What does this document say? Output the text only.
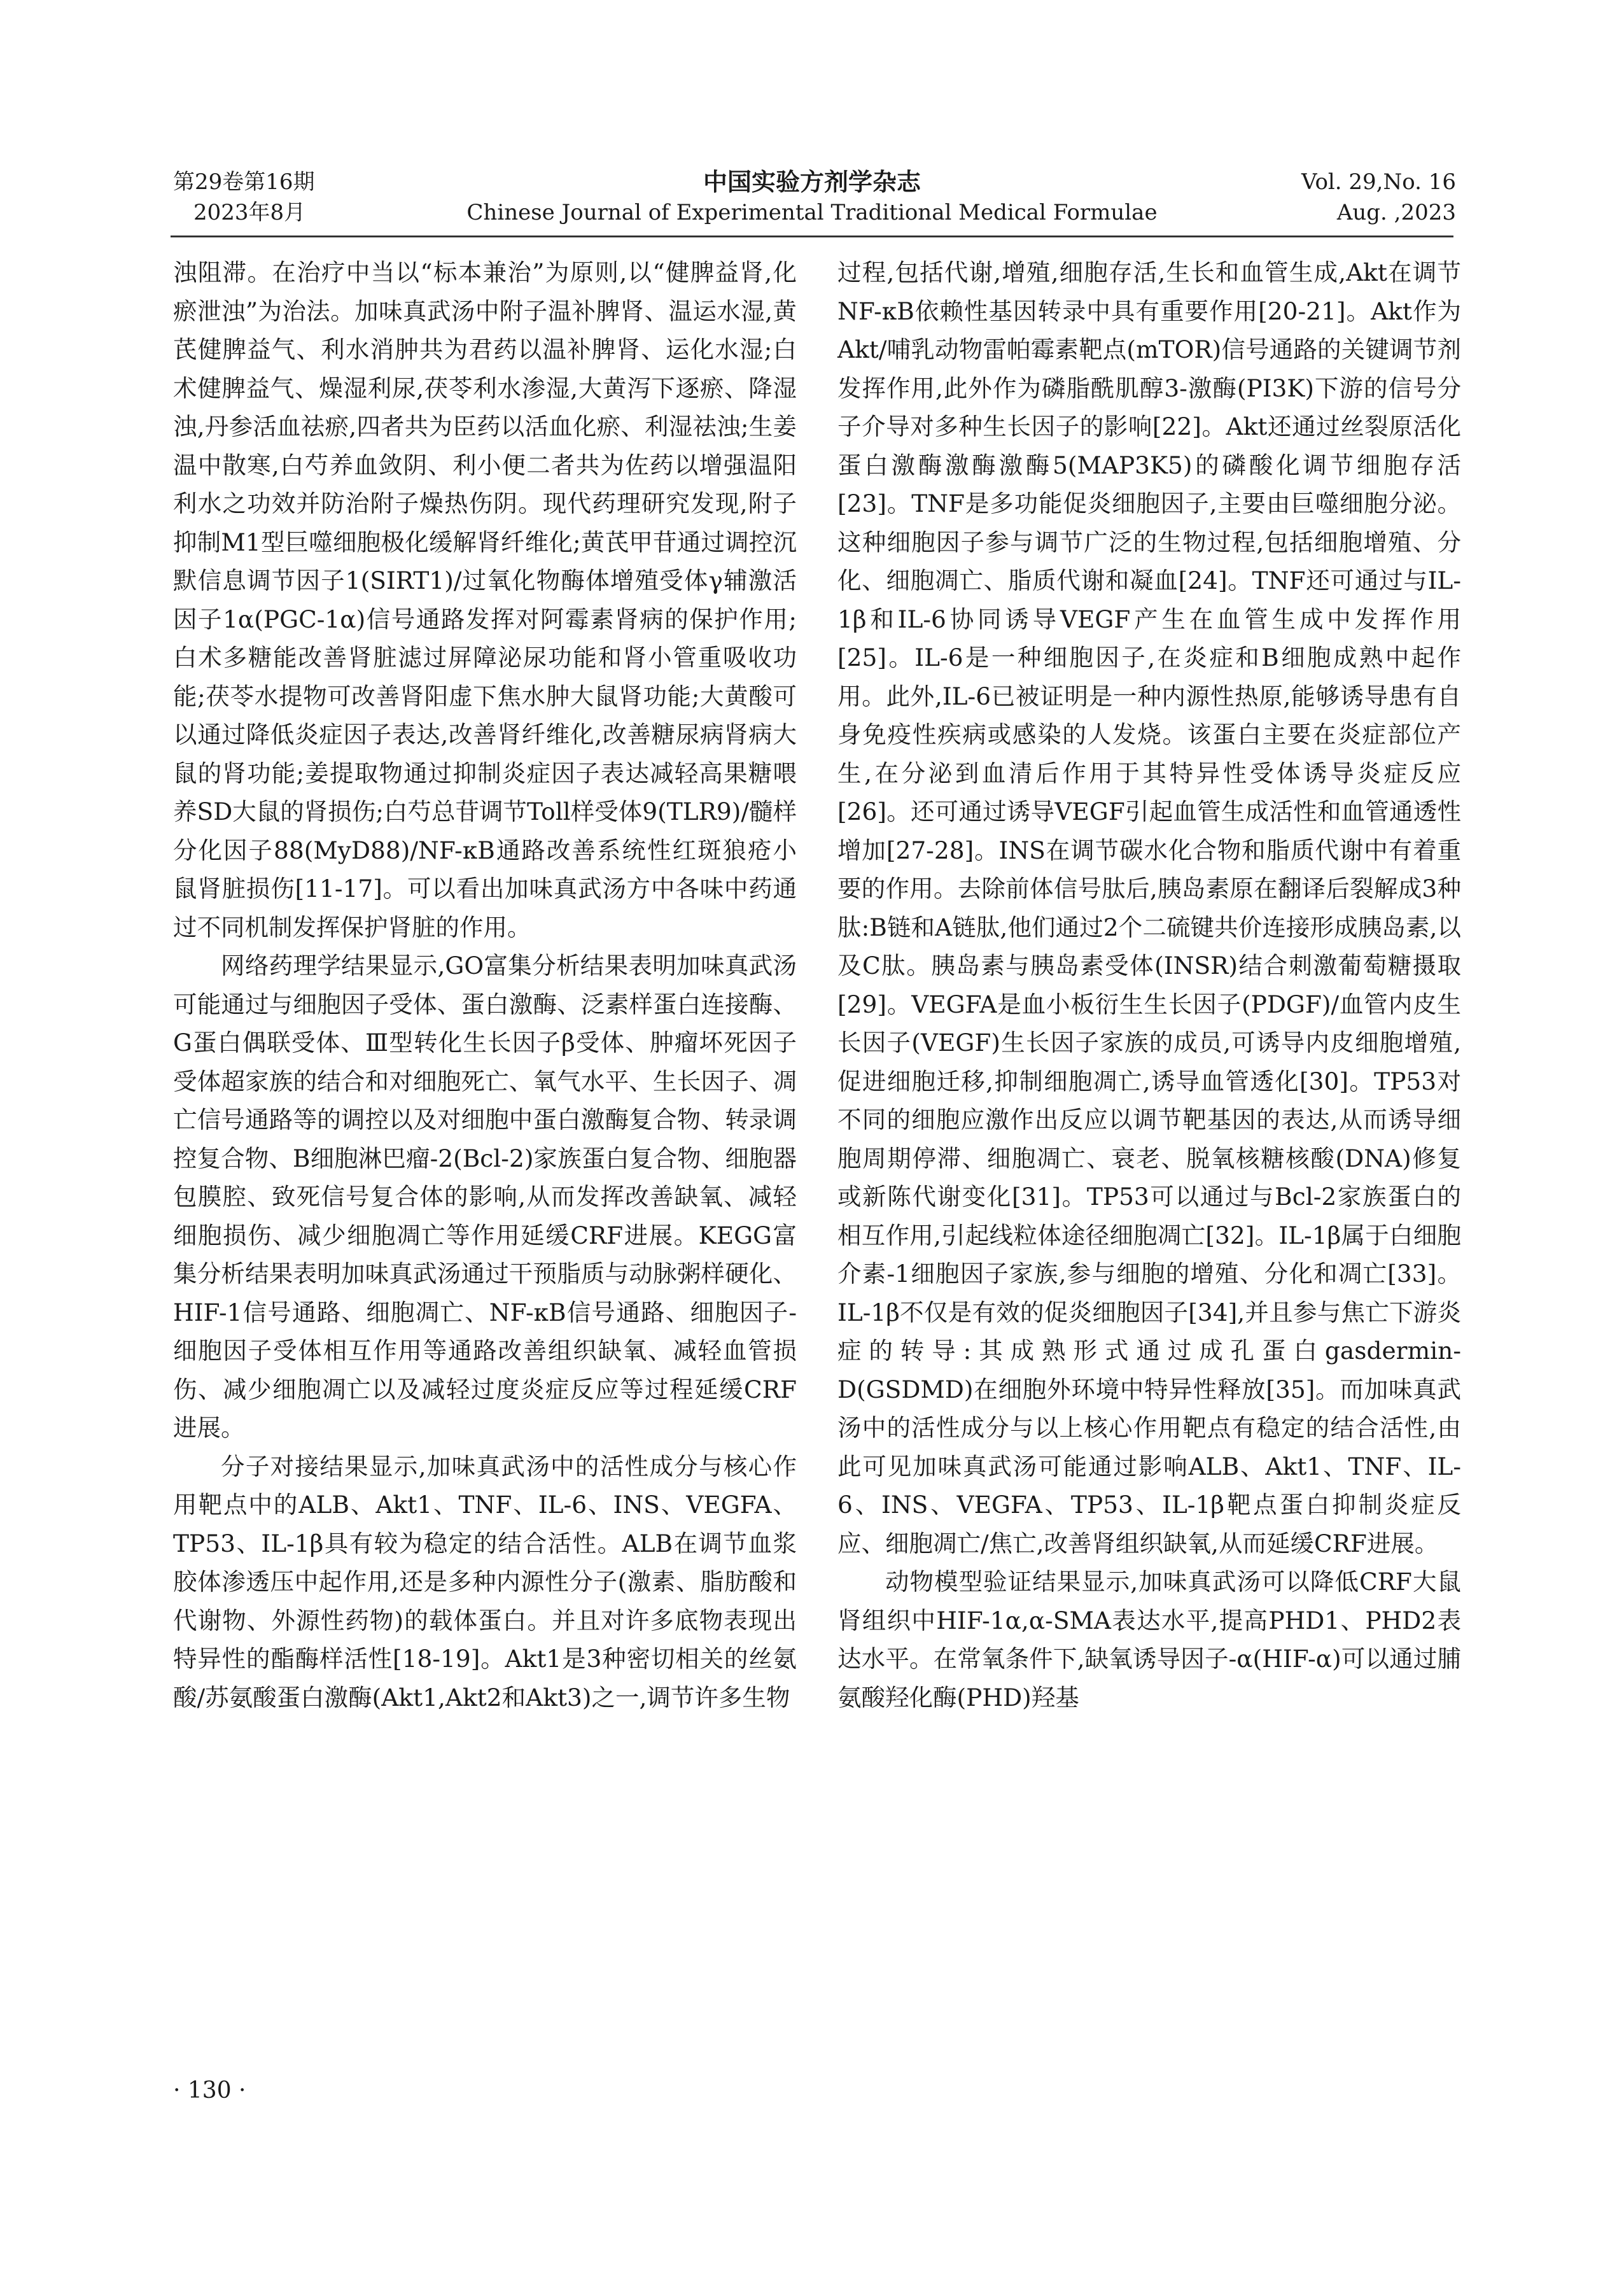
第29卷第16期
2023年8月
中国实验方剂学杂志
Chinese Journal of Experimental Traditional Medical Formulae
Vol. 29,No. 16
Aug. ,2023

浊阻滞。在治疗中当以“标本兼治”为原则,以“健脾益肾,化瘀泄浊”为治法。加味真武汤中附子温补脾肾、温运水湿,黄芪健脾益气、利水消肿共为君药以温补脾肾、运化水湿;白术健脾益气、燥湿利尿,茯苓利水渗湿,大黄泻下逐瘀、降湿浊,丹参活血祛瘀,四者共为臣药以活血化瘀、利湿祛浊;生姜温中散寒,白芍养血敛阴、利小便二者共为佐药以增强温阳利水之功效并防治附子燥热伤阴。现代药理研究发现,附子抑制M1型巨噬细胞极化缓解肾纤维化;黄芪甲苷通过调控沉默信息调节因子1(SIRT1)/过氧化物酶体增殖受体γ辅激活因子1α(PGC-1α)信号通路发挥对阿霉素肾病的保护作用;白术多糖能改善肾脏滤过屏障泌尿功能和肾小管重吸收功能;茯苓水提物可改善肾阳虚下焦水肿大鼠肾功能;大黄酸可以通过降低炎症因子表达,改善肾纤维化,改善糖尿病肾病大鼠的肾功能;姜提取物通过抑制炎症因子表达减轻高果糖喂养SD大鼠的肾损伤;白芍总苷调节Toll样受体9(TLR9)/髓样分化因子88(MyD88)/NF-κB通路改善系统性红斑狼疮小鼠肾脏损伤[11-17]。可以看出加味真武汤方中各味中药通过不同机制发挥保护肾脏的作用。

网络药理学结果显示,GO富集分析结果表明加味真武汤可能通过与细胞因子受体、蛋白激酶、泛素样蛋白连接酶、G蛋白偶联受体、Ⅲ型转化生长因子β受体、肿瘤坏死因子受体超家族的结合和对细胞死亡、氧气水平、生长因子、凋亡信号通路等的调控以及对细胞中蛋白激酶复合物、转录调控复合物、B细胞淋巴瘤-2(Bcl-2)家族蛋白复合物、细胞器包膜腔、致死信号复合体的影响,从而发挥改善缺氧、减轻细胞损伤、减少细胞凋亡等作用延缓CRF进展。KEGG富集分析结果表明加味真武汤通过干预脂质与动脉粥样硬化、HIF-1信号通路、细胞凋亡、NF-κB信号通路、细胞因子-细胞因子受体相互作用等通路改善组织缺氧、减轻血管损伤、减少细胞凋亡以及减轻过度炎症反应等过程延缓CRF进展。

分子对接结果显示,加味真武汤中的活性成分与核心作用靶点中的ALB、Akt1、TNF、IL-6、INS、VEGFA、TP53、IL-1β具有较为稳定的结合活性。ALB在调节血浆胶体渗透压中起作用,还是多种内源性分子(激素、脂肪酸和代谢物、外源性药物)的载体蛋白。并且对许多底物表现出特异性的酯酶样活性[18-19]。Akt1是3种密切相关的丝氨酸/苏氨酸蛋白激酶(Akt1,Akt2和Akt3)之一,调节许多生物

过程,包括代谢,增殖,细胞存活,生长和血管生成,Akt在调节NF-κB依赖性基因转录中具有重要作用[20-21]。Akt作为Akt/哺乳动物雷帕霉素靶点(mTOR)信号通路的关键调节剂发挥作用,此外作为磷脂酰肌醇3-激酶(PI3K)下游的信号分子介导对多种生长因子的影响[22]。Akt还通过丝裂原活化蛋白激酶激酶激酶5(MAP3K5)的磷酸化调节细胞存活[23]。TNF是多功能促炎细胞因子,主要由巨噬细胞分泌。这种细胞因子参与调节广泛的生物过程,包括细胞增殖、分化、细胞凋亡、脂质代谢和凝血[24]。TNF还可通过与IL-1β和IL-6协同诱导VEGF产生在血管生成中发挥作用[25]。IL-6是一种细胞因子,在炎症和B细胞成熟中起作用。此外,IL-6已被证明是一种内源性热原,能够诱导患有自身免疫性疾病或感染的人发烧。该蛋白主要在炎症部位产生,在分泌到血清后作用于其特异性受体诱导炎症反应[26]。还可通过诱导VEGF引起血管生成活性和血管通透性增加[27-28]。INS在调节碳水化合物和脂质代谢中有着重要的作用。去除前体信号肽后,胰岛素原在翻译后裂解成3种肽:B链和A链肽,他们通过2个二硫键共价连接形成胰岛素,以及C肽。胰岛素与胰岛素受体(INSR)结合刺激葡萄糖摄取[29]。VEGFA是血小板衍生生长因子(PDGF)/血管内皮生长因子(VEGF)生长因子家族的成员,可诱导内皮细胞增殖,促进细胞迁移,抑制细胞凋亡,诱导血管透化[30]。TP53对不同的细胞应激作出反应以调节靶基因的表达,从而诱导细胞周期停滞、细胞凋亡、衰老、脱氧核糖核酸(DNA)修复或新陈代谢变化[31]。TP53可以通过与Bcl-2家族蛋白的相互作用,引起线粒体途径细胞凋亡[32]。IL-1β属于白细胞介素-1细胞因子家族,参与细胞的增殖、分化和凋亡[33]。IL-1β不仅是有效的促炎细胞因子[34],并且参与焦亡下游炎症的转导:其成熟形式通过成孔蛋白gasdermin-D(GSDMD)在细胞外环境中特异性释放[35]。而加味真武汤中的活性成分与以上核心作用靶点有稳定的结合活性,由此可见加味真武汤可能通过影响ALB、Akt1、TNF、IL-6、INS、VEGFA、TP53、IL-1β靶点蛋白抑制炎症反应、细胞凋亡/焦亡,改善肾组织缺氧,从而延缓CRF进展。

动物模型验证结果显示,加味真武汤可以降低CRF大鼠肾组织中HIF-1α,α-SMA表达水平,提高PHD1、PHD2表达水平。在常氧条件下,缺氧诱导因子-α(HIF-α)可以通过脯氨酸羟化酶(PHD)羟基

· 130 ·
